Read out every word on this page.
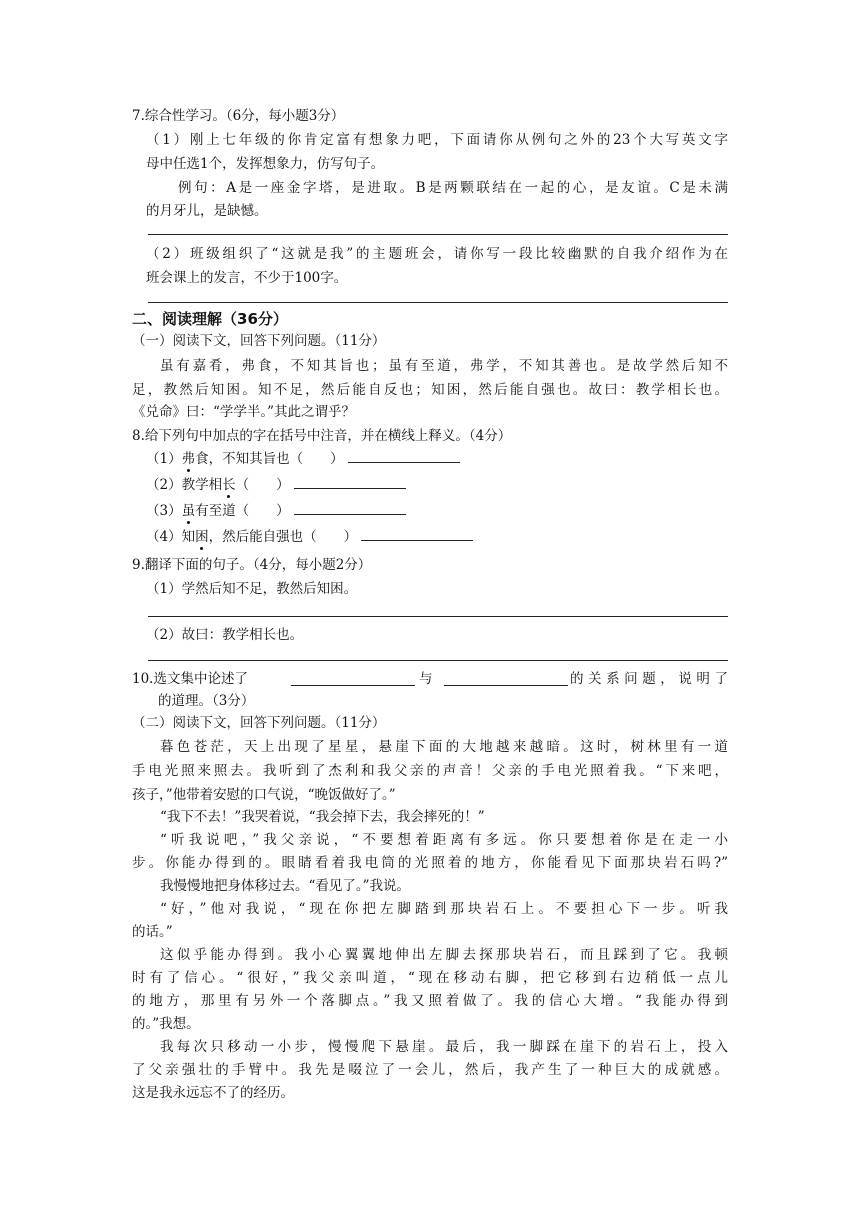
7.综合性学习。（6分，每小题3分）
（1）刚上七年级的你肯定富有想象力吧，下面请你从例句之外的23个大写英文字
母中任选1个，发挥想象力，仿写句子。
例句：A是一座金字塔，是进取。B是两颗联结在一起的心，是友谊。C是未满
的月牙儿，是缺憾。
（2）班级组织了“这就是我”的主题班会，请你写一段比较幽默的自我介绍作为在
班会课上的发言，不少于100字。
二、阅读理解（36分）
（一）阅读下文，回答下列问题。（11分）
虽有嘉肴，弗食，不知其旨也；虽有至道，弗学，不知其善也。是故学然后知不
足，教然后知困。知不足，然后能自反也；知困，然后能自强也。故曰：教学相长也。
《兑命》曰：“学学半。”其此之谓乎？
8.给下列句中加点的字在括号中注音，并在横线上释义。（4分）
（1）弗食，不知其旨也（　　）
（2）教学相长（　　）
（3）虽有至道（　　）
（4）知困，然后能自强也（　　）
9.翻译下面的句子。（4分，每小题2分）
（1）学然后知不足，教然后知困。
（2）故曰：教学相长也。
10.选文集中论述了	与	的关系问题，说明了
的道理。（3分）
（二）阅读下文，回答下列问题。（11分）
暮色苍茫，天上出现了星星，悬崖下面的大地越来越暗。这时，树林里有一道
手电光照来照去。我听到了杰利和我父亲的声音！父亲的手电光照着我。“下来吧，
孩子，”他带着安慰的口气说，“晚饭做好了。”
“我下不去！”我哭着说，“我会掉下去，我会摔死的！”
“听我说吧，”我父亲说，“不要想着距离有多远。你只要想着你是在走一小
步。你能办得到的。眼睛看着我电筒的光照着的地方，你能看见下面那块岩石吗?”
我慢慢地把身体移过去。“看见了。”我说。
“好，”他对我说，“现在你把左脚踏到那块岩石上。不要担心下一步。听我
的话。”
这似乎能办得到。我小心翼翼地伸出左脚去探那块岩石，而且踩到了它。我顿
时有了信心。“很好，”我父亲叫道，“现在移动右脚，把它移到右边稍低一点儿
的地方，那里有另外一个落脚点。”我又照着做了。我的信心大增。“我能办得到
的。”我想。
我每次只移动一小步，慢慢爬下悬崖。最后，我一脚踩在崖下的岩石上，投入
了父亲强壮的手臂中。我先是啜泣了一会儿，然后，我产生了一种巨大的成就感。
这是我永远忘不了的经历。
